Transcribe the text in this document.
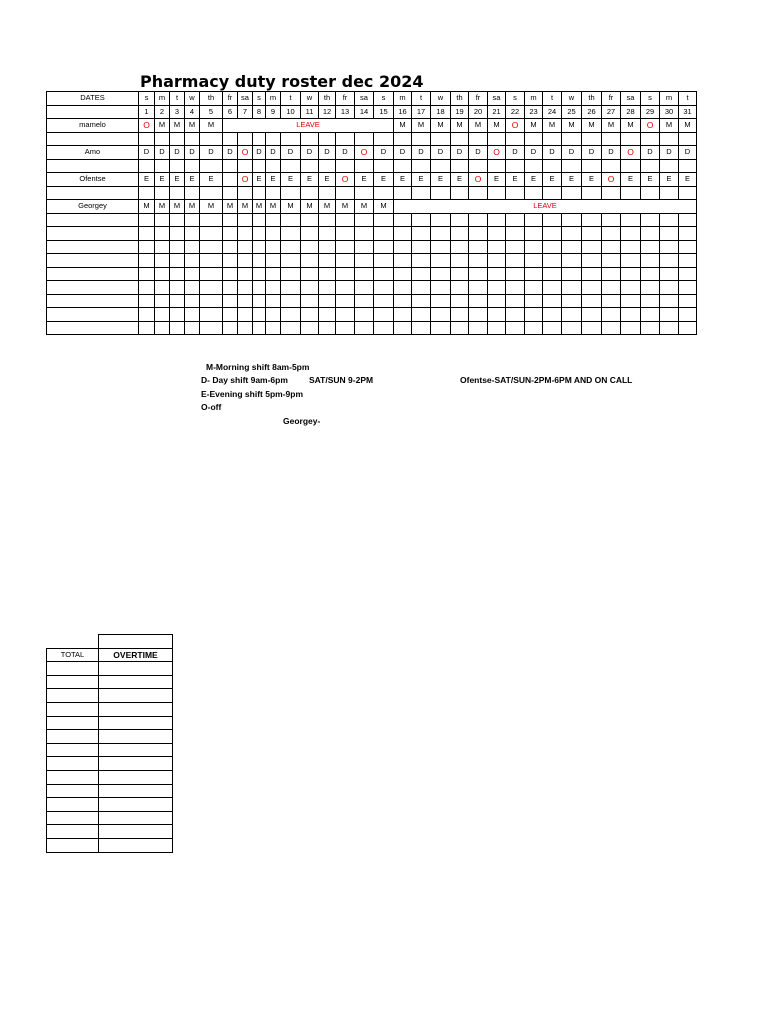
Pharmacy duty roster dec 2024
DATES	s	m	t	w	th	fr	sa	s	m	t	w	th	fr	sa	s	m	t	w	th	fr	sa	s	m	t	w	th	fr	sa	s	m	t
	1	2	3	4	5	6	7	8	9	10	11	12	13	14	15	16	17	18	19	20	21	22	23	24	25	26	27	28	29	30	31
mamelo	O	M	M	M	M	LEAVE										M	M	M	M	M	M	O	M	M	M	M	M	M	O	M	M

Amo	D	D	D	D	D	D	O	D	D	D	D	D	D	O	D	D	D	D	D	D	O	D	D	D	D	D	D	O	D	D	D

Ofentse	E	E	E	E	E		O	E	E	E	E	E	O	E	E	E	E	E	E	O	E	E	E	E	E	E	O	E	E	E	E

Georgey	M	M	M	M	M	M	M	M	M	M	M	M	M	M	M	LEAVE															

M-Morning shift 8am-5pm
D- Day shift 9am-6pm SAT/SUN 9-2PM	Ofentse-SAT/SUN-2PM-6PM AND ON CALL
E-Evening shift 5pm-9pm
O-off
Georgey-

TOTAL	OVERTIME
